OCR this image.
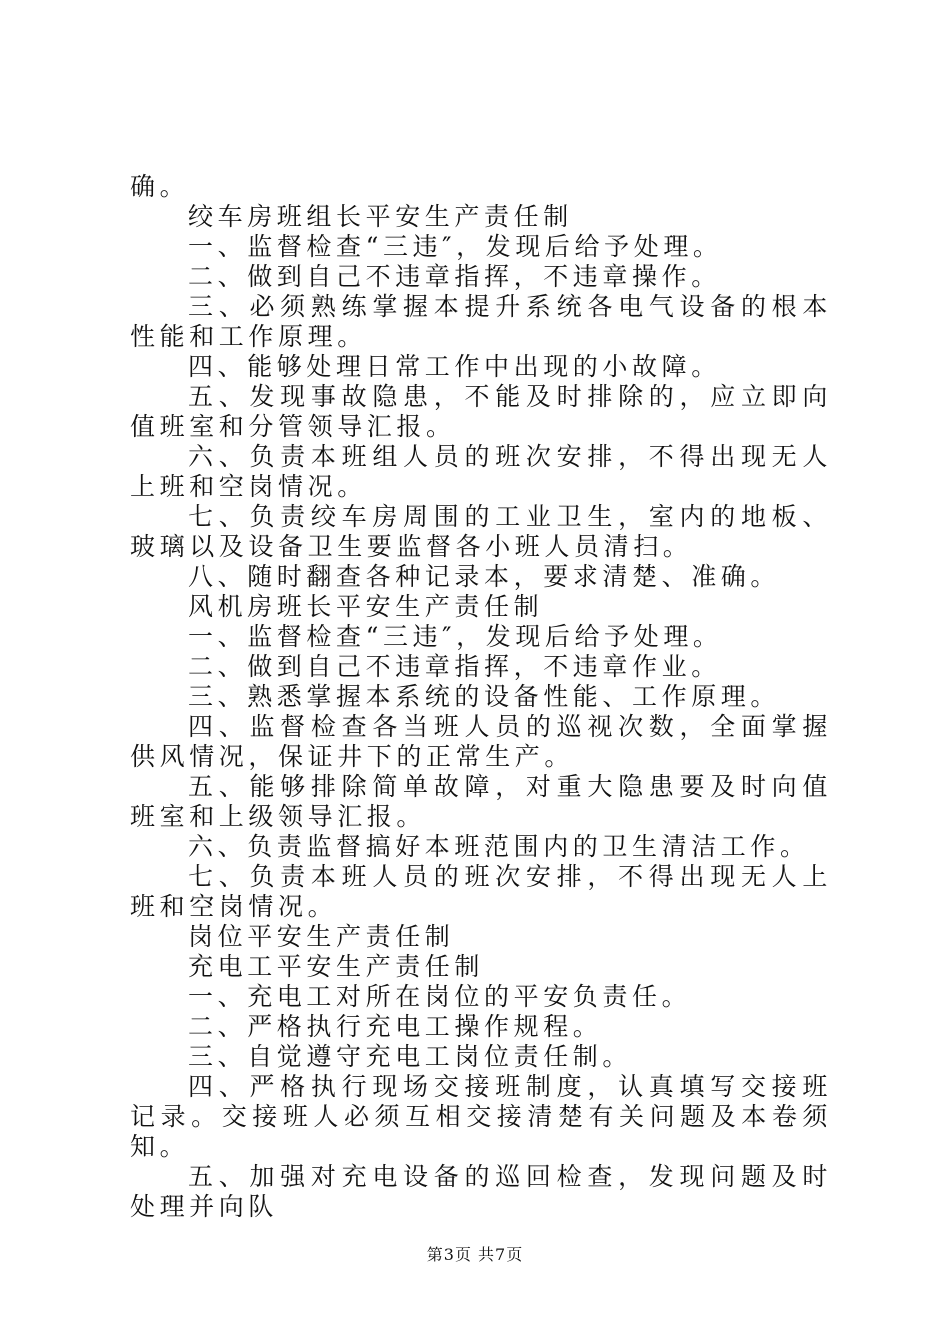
确。

绞车房班组长平安生产责任制

一、监督检查“三违″，发现后给予处理。

二、做到自己不违章指挥，不违章操作。

三、必须熟练掌握本提升系统各电气设备的根本性能和工作原理。

四、能够处理日常工作中出现的小故障。

五、发现事故隐患，不能及时排除的，应立即向值班室和分管领导汇报。

六、负责本班组人员的班次安排，不得出现无人上班和空岗情况。

七、负责绞车房周围的工业卫生，室内的地板、玻璃以及设备卫生要监督各小班人员清扫。

八、随时翻查各种记录本，要求清楚、准确。

风机房班长平安生产责任制

一、监督检查“三违″，发现后给予处理。

二、做到自己不违章指挥，不违章作业。

三、熟悉掌握本系统的设备性能、工作原理。

四、监督检查各当班人员的巡视次数，全面掌握供风情况，保证井下的正常生产。

五、能够排除简单故障，对重大隐患要及时向值班室和上级领导汇报。

六、负责监督搞好本班范围内的卫生清洁工作。

七、负责本班人员的班次安排，不得出现无人上班和空岗情况。

岗位平安生产责任制

充电工平安生产责任制

一、充电工对所在岗位的平安负责任。

二、严格执行充电工操作规程。

三、自觉遵守充电工岗位责任制。

四、严格执行现场交接班制度，认真填写交接班记录。交接班人必须互相交接清楚有关问题及本卷须知。

五、加强对充电设备的巡回检查，发现问题及时处理并向队

第3页 共7页
